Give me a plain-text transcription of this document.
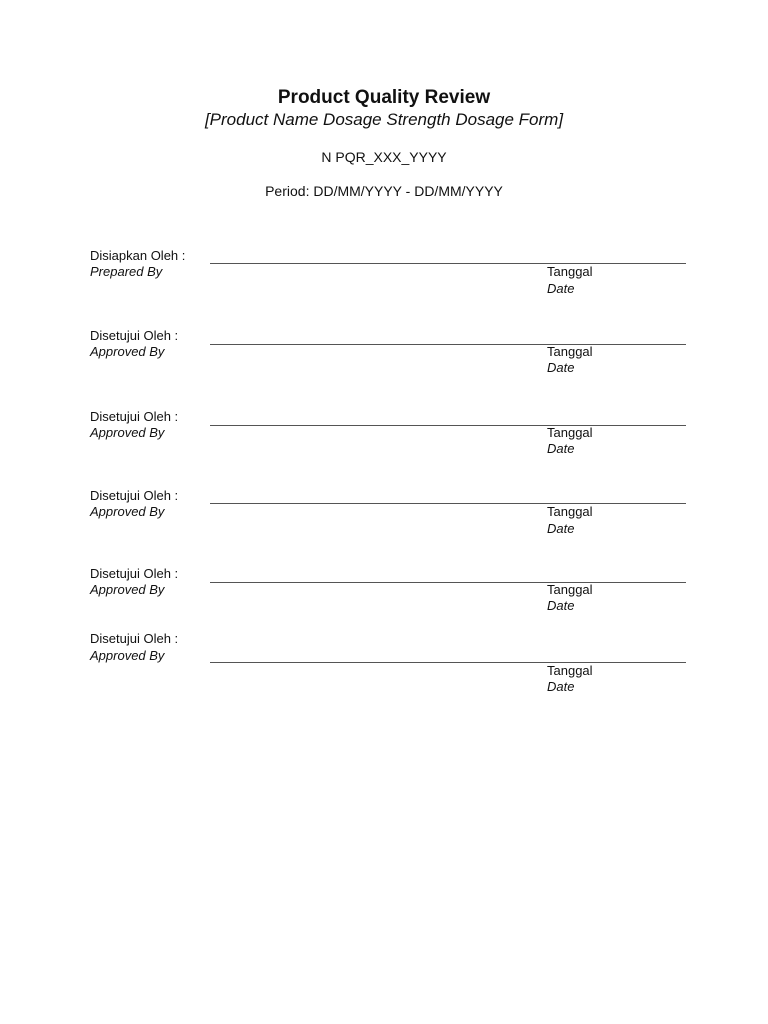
Product Quality Review
[Product Name Dosage Strength Dosage Form]
N PQR_XXX_YYYY
Period: DD/MM/YYYY - DD/MM/YYYY
Disiapkan Oleh :
Prepared By	Tanggal
Date
Disetujui Oleh :
Approved By	Tanggal
Date
Disetujui Oleh :
Approved By	Tanggal
Date
Disetujui Oleh :
Approved By	Tanggal
Date
Disetujui Oleh :
Approved By	Tanggal
Date
Disetujui Oleh :
Approved By
Tanggal
Date
